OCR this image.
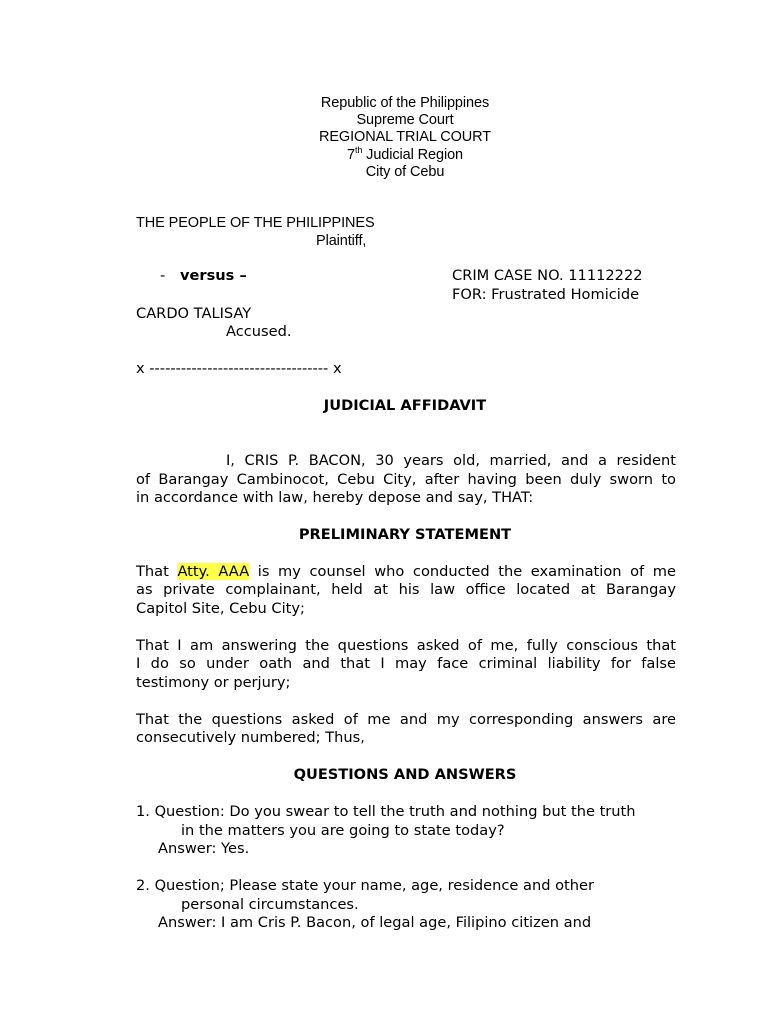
Republic of the Philippines
Supreme Court
REGIONAL TRIAL COURT
7th Judicial Region
City of Cebu
THE PEOPLE OF THE PHILIPPINES
Plaintiff,
- versus –	CRIM CASE NO. 11112222
FOR: Frustrated Homicide
CARDO TALISAY
Accused.
x ---------------------------------- x
JUDICIAL AFFIDAVIT
I, CRIS P. BACON, 30 years old, married, and a resident
of Barangay Cambinocot, Cebu City, after having been duly sworn to
in accordance with law, hereby depose and say, THAT:
PRELIMINARY STATEMENT
That Atty. AAA is my counsel who conducted the examination of me
as private complainant, held at his law office located at Barangay
Capitol Site, Cebu City;
That I am answering the questions asked of me, fully conscious that
I do so under oath and that I may face criminal liability for false
testimony or perjury;
That the questions asked of me and my corresponding answers are
consecutively numbered; Thus,
QUESTIONS AND ANSWERS
1. Question: Do you swear to tell the truth and nothing but the truth
in the matters you are going to state today?
Answer: Yes.
2. Question; Please state your name, age, residence and other
personal circumstances.
Answer: I am Cris P. Bacon, of legal age, Filipino citizen and
